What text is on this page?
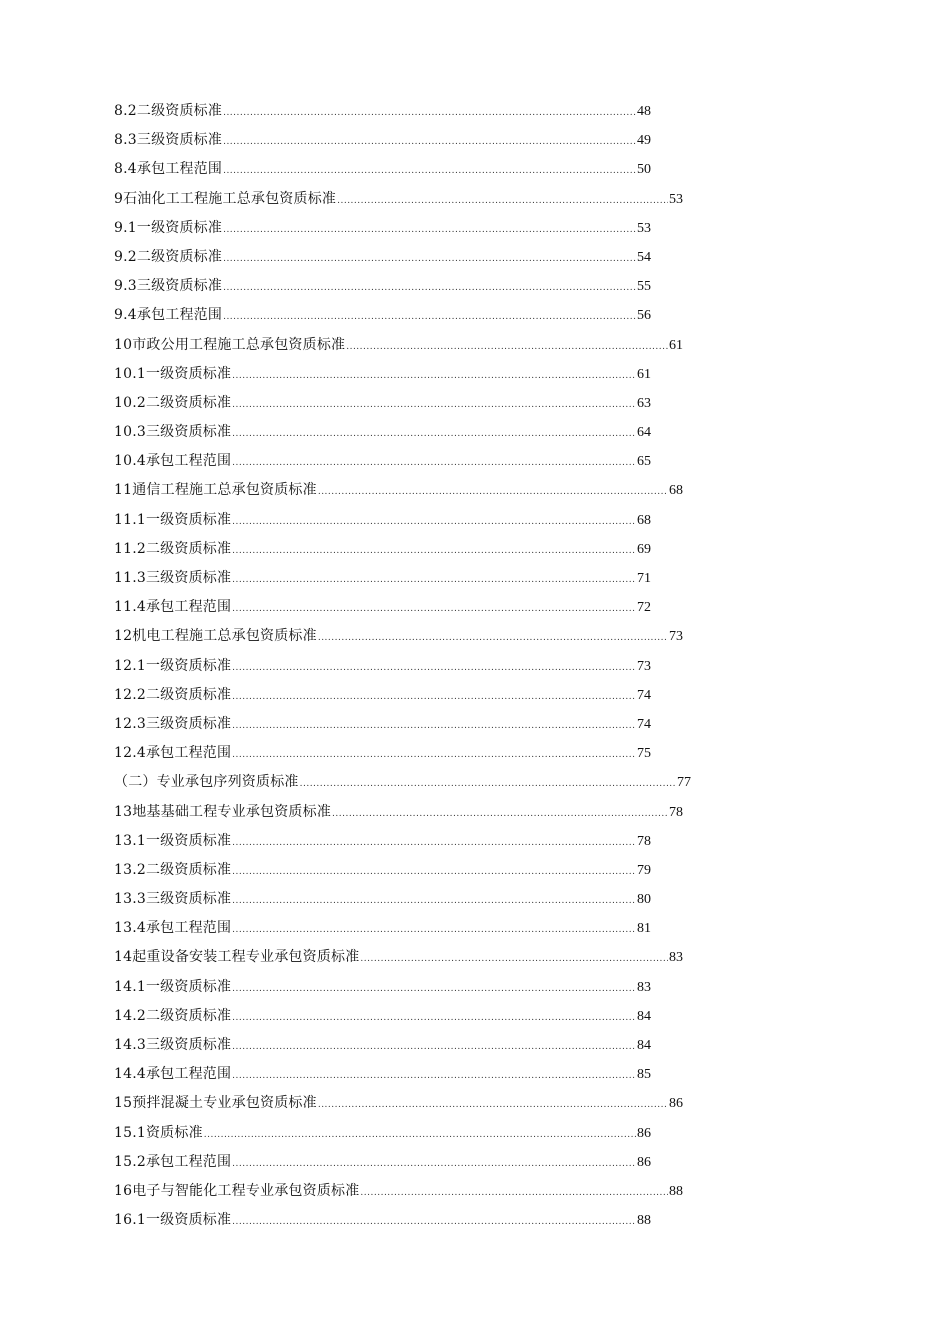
8.2二级资质标准 .....	48
8.3三级资质标准 .....	49
8.4承包工程范围 .....	50
9石油化工工程施工总承包资质标准 .....	53
9.1一级资质标准 .....	53
9.2二级资质标准 .....	54
9.3三级资质标准 .....	55
9.4承包工程范围 .....	56
10市政公用工程施工总承包资质标准 .....	61
10.1一级资质标准 .....	61
10.2二级资质标准 .....	63
10.3三级资质标准 .....	64
10.4承包工程范围 .....	65
11通信工程施工总承包资质标准 .....	68
11.1一级资质标准 .....	68
11.2二级资质标准 .....	69
11.3三级资质标准 .....	71
11.4承包工程范围 .....	72
12机电工程施工总承包资质标准 .....	73
12.1一级资质标准 .....	73
12.2二级资质标准 .....	74
12.3三级资质标准 .....	74
12.4承包工程范围 .....	75
（二）专业承包序列资质标准 .....	77
13地基基础工程专业承包资质标准 .....	78
13.1一级资质标准 .....	78
13.2二级资质标准 .....	79
13.3三级资质标准 .....	80
13.4承包工程范围 .....	81
14起重设备安装工程专业承包资质标准 .....	83
14.1一级资质标准 .....	83
14.2二级资质标准 .....	84
14.3三级资质标准 .....	84
14.4承包工程范围 .....	85
15预拌混凝土专业承包资质标准 .....	86
15.1资质标准 .....	86
15.2承包工程范围 .....	86
16电子与智能化工程专业承包资质标准 .....	88
16.1一级资质标准 .....	88
